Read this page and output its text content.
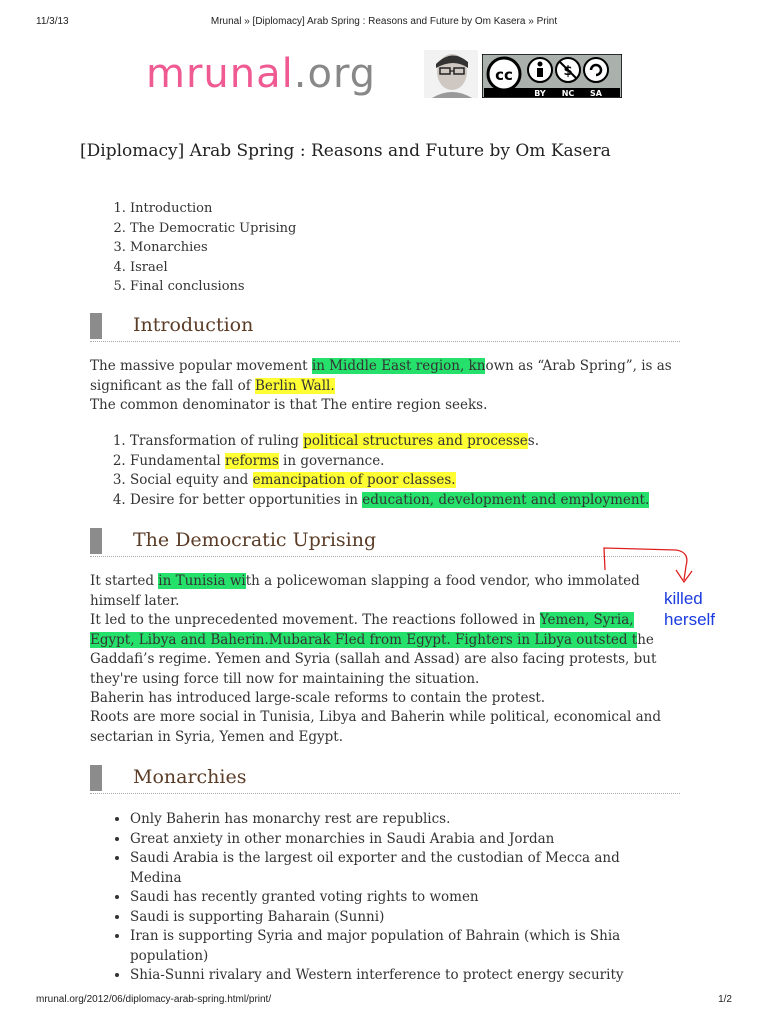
11/3/13	Mrunal » [Diplomacy] Arab Spring : Reasons and Future by Om Kasera » Print
mrunal .org	cc	$
BY NC SA
[Diplomacy] Arab Spring : Reasons and Future by Om Kasera
1. Introduction
2. The Democratic Uprising
3. Monarchies
4. Israel
5. Final conclusions
Introduction

The massive popular movement in Middle East region, known as “Arab Spring”, is as significant as the fall of Berlin Wall.

The common denominator is that The entire region seeks.

1. Transformation of ruling political structures and processes.
2. Fundamental reforms in governance.
3. Social equity and emancipation of poor classes.
4. Desire for better opportunities in education, development and employment.
The Democratic Uprising

It started in Tunisia with a policewoman slapping a food vendor, who immolated himself later.

It led to the unprecedented movement. The reactions followed in Yemen, Syria, Egypt, Libya and Baherin.Mubarak Fled from Egypt. Fighters in Libya outsted the Gaddafi’s regime. Yemen and Syria (sallah and Assad) are also facing protests, but they're using force till now for maintaining the situation.

Baherin has introduced large-scale reforms to contain the protest.

Roots are more social in Tunisia, Libya and Baherin while political, economical and sectarian in Syria, Yemen and Egypt.

killed
herself
Monarchies
• Only Baherin has monarchy rest are republics.
• Great anxiety in other monarchies in Saudi Arabia and Jordan
• Saudi Arabia is the largest oil exporter and the custodian of Mecca and Medina
• Saudi has recently granted voting rights to women
• Saudi is supporting Baharain (Sunni)
• Iran is supporting Syria and major population of Bahrain (which is Shia population)
• Shia-Sunni rivalary and Western interference to protect energy security
mrunal.org/2012/06/diplomacy-arab-spring.html/print/	1/2
